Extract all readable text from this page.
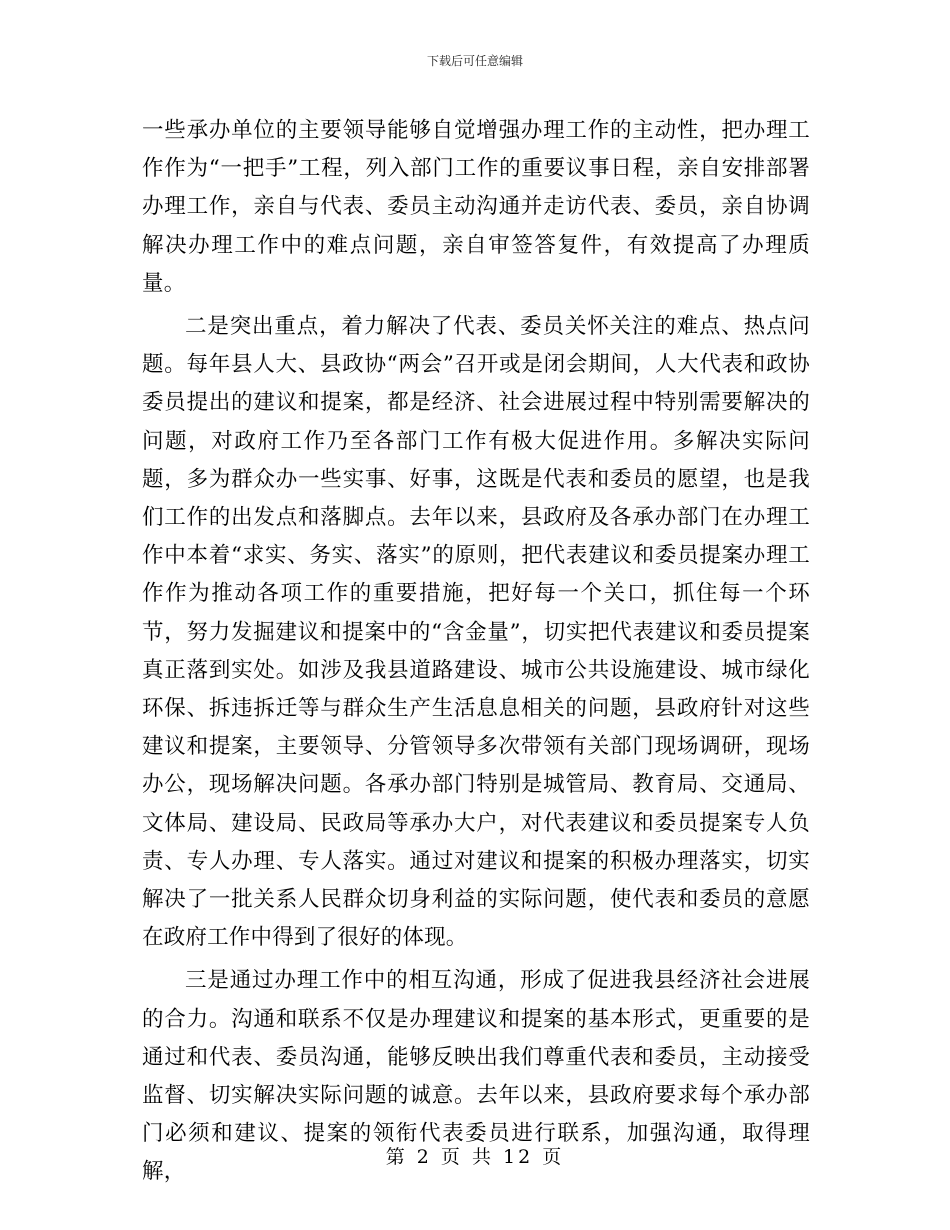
下载后可任意编辑

一些承办单位的主要领导能够自觉增强办理工作的主动性，把办理工作作为“一把手”工程，列入部门工作的重要议事日程，亲自安排部署办理工作，亲自与代表、委员主动沟通并走访代表、委员，亲自协调解决办理工作中的难点问题，亲自审签答复件，有效提高了办理质量。

二是突出重点，着力解决了代表、委员关怀关注的难点、热点问题。每年县人大、县政协“两会”召开或是闭会期间，人大代表和政协委员提出的建议和提案，都是经济、社会进展过程中特别需要解决的问题，对政府工作乃至各部门工作有极大促进作用。多解决实际问题，多为群众办一些实事、好事，这既是代表和委员的愿望，也是我们工作的出发点和落脚点。去年以来，县政府及各承办部门在办理工作中本着“求实、务实、落实”的原则，把代表建议和委员提案办理工作作为推动各项工作的重要措施，把好每一个关口，抓住每一个环节，努力发掘建议和提案中的“含金量”，切实把代表建议和委员提案真正落到实处。如涉及我县道路建设、城市公共设施建设、城市绿化环保、拆违拆迁等与群众生产生活息息相关的问题，县政府针对这些建议和提案，主要领导、分管领导多次带领有关部门现场调研，现场办公，现场解决问题。各承办部门特别是城管局、教育局、交通局、文体局、建设局、民政局等承办大户，对代表建议和委员提案专人负责、专人办理、专人落实。通过对建议和提案的积极办理落实，切实解决了一批关系人民群众切身利益的实际问题，使代表和委员的意愿在政府工作中得到了很好的体现。

三是通过办理工作中的相互沟通，形成了促进我县经济社会进展的合力。沟通和联系不仅是办理建议和提案的基本形式，更重要的是通过和代表、委员沟通，能够反映出我们尊重代表和委员，主动接受监督、切实解决实际问题的诚意。去年以来，县政府要求每个承办部门必须和建议、提案的领衔代表委员进行联系，加强沟通，取得理解，

第 2 页 共 12 页
